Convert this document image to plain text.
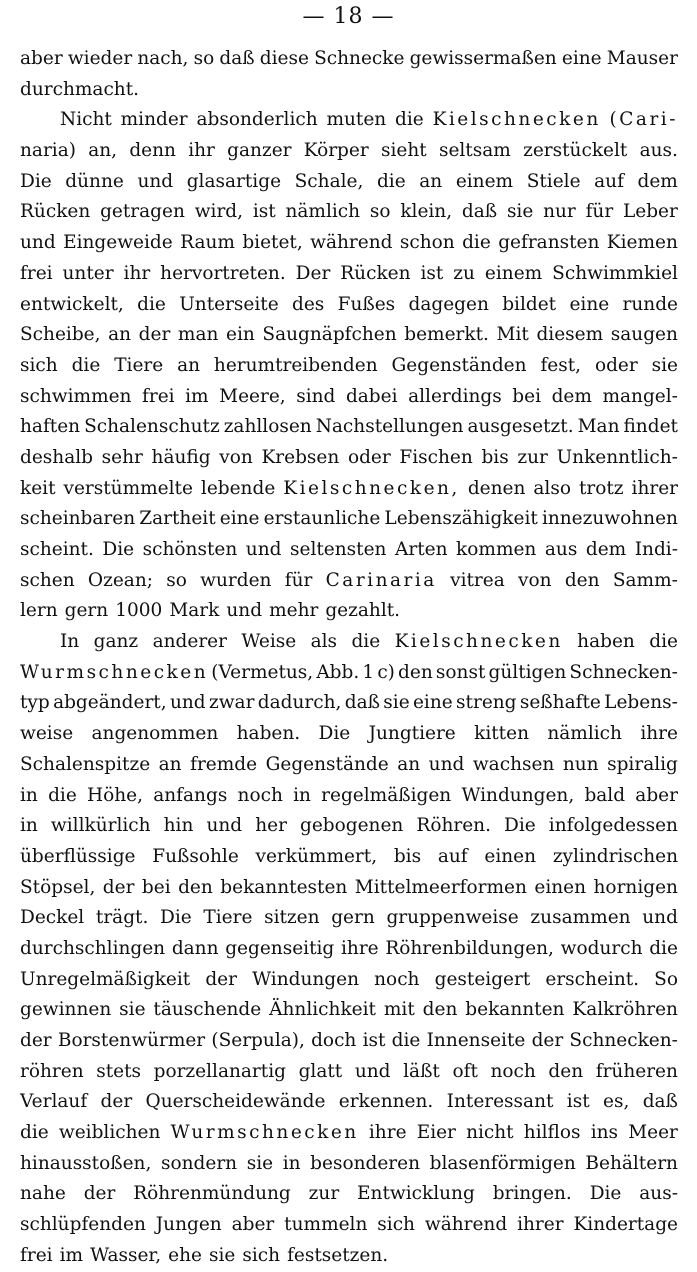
— 18 —
aber wieder nach, so daß diese Schnecke gewissermaßen eine Mauser
durchmacht.
Nicht minder absonderlich muten die Kielschnecken (Cari-
naria) an, denn ihr ganzer Körper sieht seltsam zerstückelt aus.
Die dünne und glasartige Schale, die an einem Stiele auf dem
Rücken getragen wird, ist nämlich so klein, daß sie nur für Leber
und Eingeweide Raum bietet, während schon die gefransten Kiemen
frei unter ihr hervortreten. Der Rücken ist zu einem Schwimmkiel
entwickelt, die Unterseite des Fußes dagegen bildet eine runde
Scheibe, an der man ein Saugnäpfchen bemerkt. Mit diesem saugen
sich die Tiere an herumtreibenden Gegenständen fest, oder sie
schwimmen frei im Meere, sind dabei allerdings bei dem mangel-
haften Schalenschutz zahllosen Nachstellungen ausgesetzt. Man findet
deshalb sehr häufig von Krebsen oder Fischen bis zur Unkenntlich-
keit verstümmelte lebende Kielschnecken, denen also trotz ihrer
scheinbaren Zartheit eine erstaunliche Lebenszähigkeit innezuwohnen
scheint. Die schönsten und seltensten Arten kommen aus dem Indi-
schen Ozean; so wurden für Carinaria vitrea von den Samm-
lern gern 1000 Mark und mehr gezahlt.
In ganz anderer Weise als die Kielschnecken haben die
Wurmschnecken (Vermetus, Abb. 1 c) den sonst gültigen Schnecken-
typ abgeändert, und zwar dadurch, daß sie eine streng seßhafte Lebens-
weise angenommen haben. Die Jungtiere kitten nämlich ihre
Schalenspitze an fremde Gegenstände an und wachsen nun spiralig
in die Höhe, anfangs noch in regelmäßigen Windungen, bald aber
in willkürlich hin und her gebogenen Röhren. Die infolgedessen
überflüssige Fußsohle verkümmert, bis auf einen zylindrischen
Stöpsel, der bei den bekanntesten Mittelmeerformen einen hornigen
Deckel trägt. Die Tiere sitzen gern gruppenweise zusammen und
durchschlingen dann gegenseitig ihre Röhrenbildungen, wodurch die
Unregelmäßigkeit der Windungen noch gesteigert erscheint. So
gewinnen sie täuschende Ähnlichkeit mit den bekannten Kalkröhren
der Borstenwürmer (Serpula), doch ist die Innenseite der Schnecken-
röhren stets porzellanartig glatt und läßt oft noch den früheren
Verlauf der Querscheidewände erkennen. Interessant ist es, daß
die weiblichen Wurmschnecken ihre Eier nicht hilflos ins Meer
hinausstoßen, sondern sie in besonderen blasenförmigen Behältern
nahe der Röhrenmündung zur Entwicklung bringen. Die aus-
schlüpfenden Jungen aber tummeln sich während ihrer Kindertage
frei im Wasser, ehe sie sich festsetzen.
